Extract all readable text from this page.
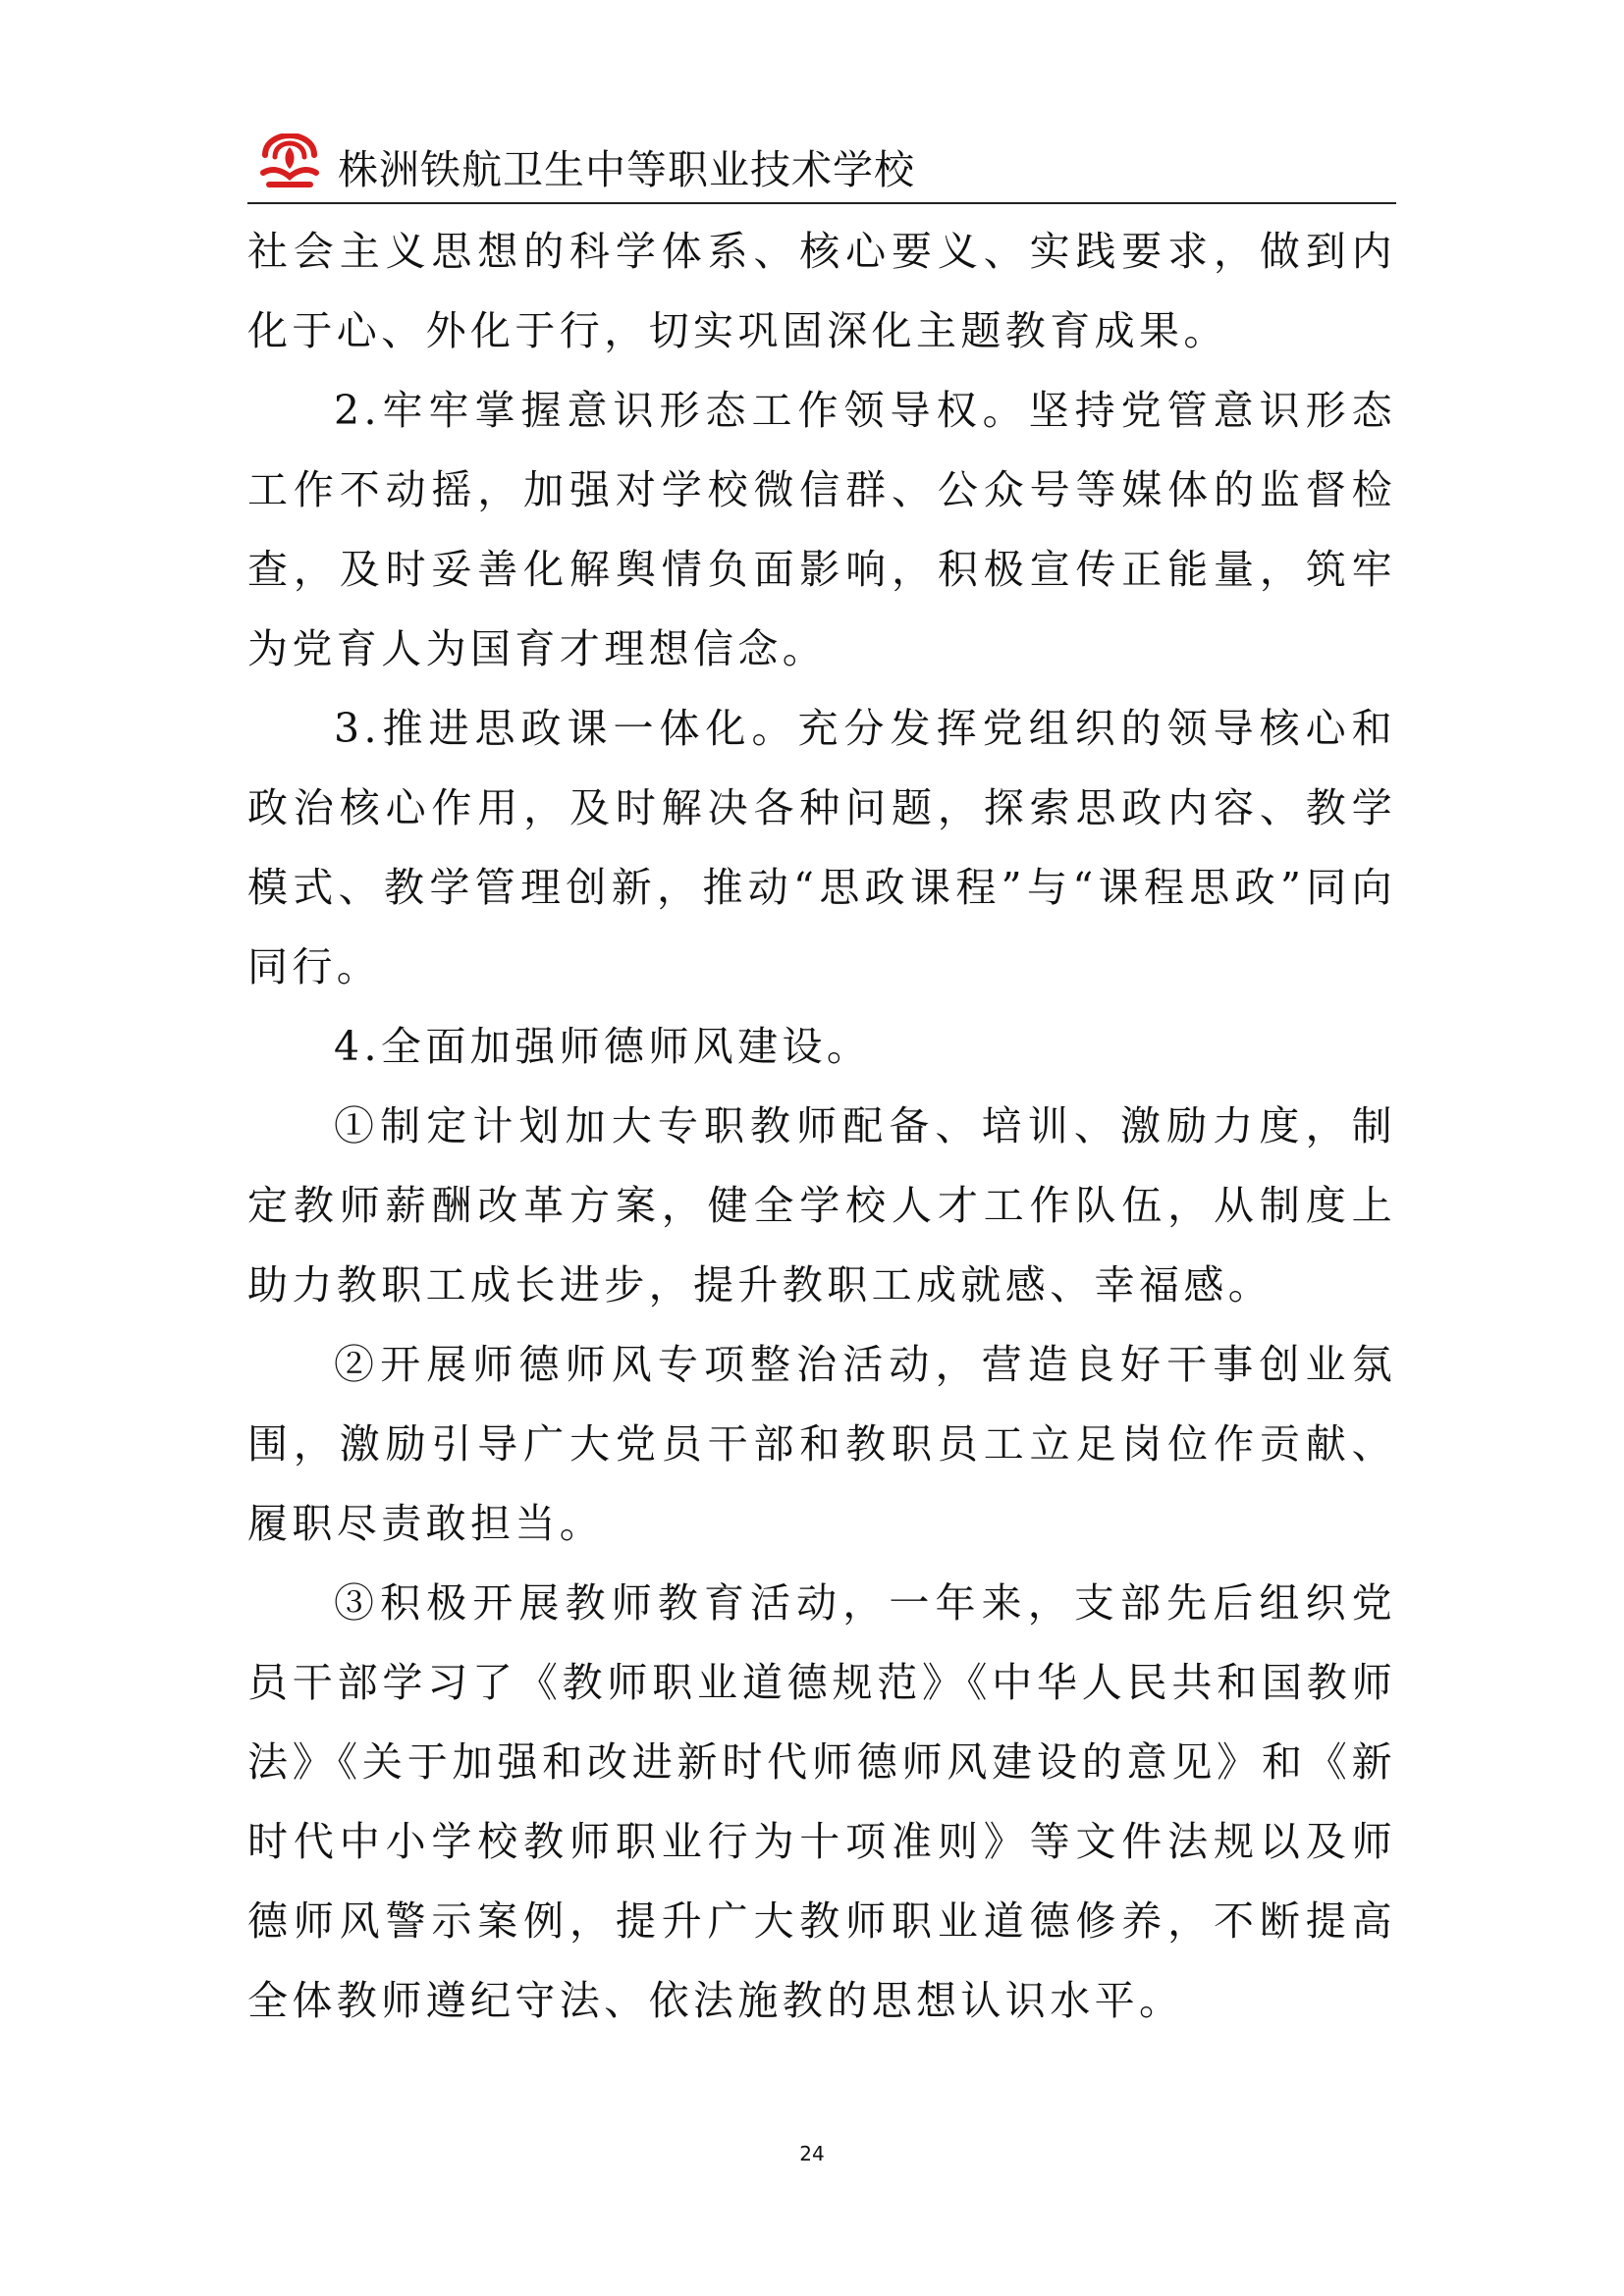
株洲铁航卫生中等职业技术学校

社会主义思想的科学体系、核心要义、实践要求，做到内化于心、外化于行，切实巩固深化主题教育成果。

2.牢牢掌握意识形态工作领导权。坚持党管意识形态工作不动摇，加强对学校微信群、公众号等媒体的监督检查，及时妥善化解舆情负面影响，积极宣传正能量，筑牢为党育人为国育才理想信念。

3.推进思政课一体化。充分发挥党组织的领导核心和政治核心作用，及时解决各种问题，探索思政内容、教学模式、教学管理创新，推动“思政课程”与“课程思政”同向同行。

4.全面加强师德师风建设。

①制定计划加大专职教师配备、培训、激励力度，制定教师薪酬改革方案，健全学校人才工作队伍，从制度上助力教职工成长进步，提升教职工成就感、幸福感。

②开展师德师风专项整治活动，营造良好干事创业氛围，激励引导广大党员干部和教职员工立足岗位作贡献、履职尽责敢担当。

③积极开展教师教育活动，一年来，支部先后组织党员干部学习了《教师职业道德规范》《中华人民共和国教师法》《关于加强和改进新时代师德师风建设的意见》和《新时代中小学校教师职业行为十项准则》等文件法规以及师德师风警示案例，提升广大教师职业道德修养，不断提高全体教师遵纪守法、依法施教的思想认识水平。

24
